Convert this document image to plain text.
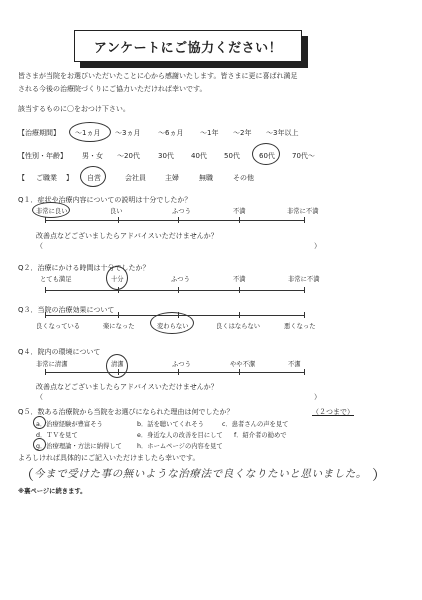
アンケートにご協力ください！
皆さまが当院をお選びいただいたことに心から感謝いたします。皆さまに更に喜ばれ満足
される今後の治療院づくりにご協力いただければ幸いです。
該当するものに〇をおつけ下さい。
【治療期間】 ～1ヵ月 ～3ヵ月	～6ヵ月 ～1年 ～2年 ～3年以上
【性別・年齢】 男・女 ～20代	30代 40代 50代	60代 70代～
【 ご職業 】 自営	会社員	主婦	無職	その他
Q１．症状や治療内容についての説明は十分でしたか？
非常に良い	良い	ふつう	不満	非常に不満
改善点などございましたらアドバイスいただけませんか？
（	）
Q２．治療にかける時間は十分でしたか？
とても満足	十分	ふつう	不満	非常に不満
Q３．当院の治療効果について
良くなっている	楽になった	変わらない	良くはならない	悪くなった
Q４．院内の環境について
非常に清潔	清潔	ふつう	やや不潔	不潔
改善点などございましたらアドバイスいただけませんか？
（	）
Q５．数ある治療院から当院をお選びになられた理由は何でしたか？	（２つまで）
a．治療経験が豊富そう	b．話を聴いてくれそう	c．患者さんの声を見て
d．ＴＶを見て	e．身近な人の改善を目にして f．紹介者の勧めで
g．治療理論・方法に納得して h．ホームページの内容を見て
よろしければ具体的にご記入いただけましたら幸いです。
（ 今まで受けた事の無いような治療法で良くなりたいと思いました。 ）
※裏ページに続きます。
